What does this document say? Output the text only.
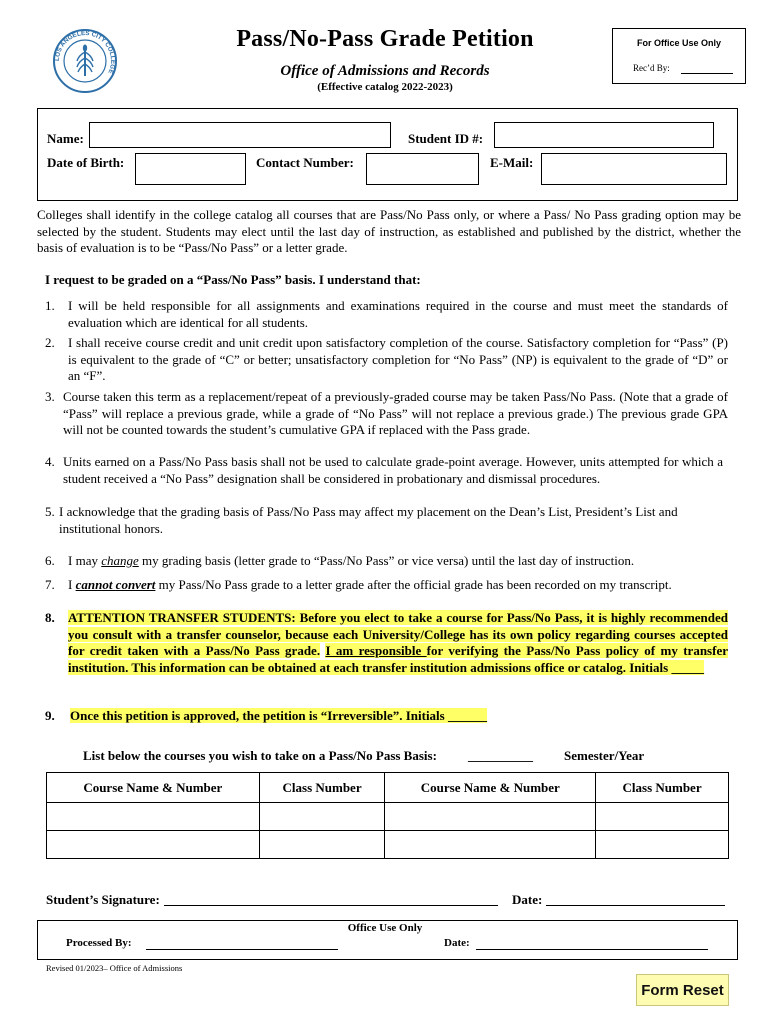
LOS ANGELES CITY COLLEGE
Pass/No-Pass Grade Petition
Office of Admissions and Records
(Effective catalog 2022-2023)
For Office Use Only
Rec’d By:
Name:	Student ID #:
Date of Birth:	Contact Number:	E-Mail:
Colleges shall identify in the college catalog all courses that are Pass/No Pass only, or where a Pass/ No Pass grading option may be selected by the student. Students may elect until the last day of instruction, as established and published by the district, whether the basis of evaluation is to be “Pass/No Pass” or a letter grade.
I request to be graded on a “Pass/No Pass” basis. I understand that:
1. I will be held responsible for all assignments and examinations required in the course and must meet the standards of evaluation which are identical for all students.
2. I shall receive course credit and unit credit upon satisfactory completion of the course. Satisfactory completion for “Pass” (P) is equivalent to the grade of “C” or better; unsatisfactory completion for “No Pass” (NP) is equivalent to the grade of “D” or an “F”.
3. Course taken this term as a replacement/repeat of a previously-graded course may be taken Pass/No Pass. (Note that a grade of “Pass” will replace a previous grade, while a grade of “No Pass” will not replace a previous grade.) The previous grade GPA will not be counted towards the student’s cumulative GPA if replaced with the Pass grade.
4. Units earned on a Pass/No Pass basis shall not be used to calculate grade-point average. However, units attempted for which a student received a “No Pass” designation shall be considered in probationary and dismissal procedures.
5. I acknowledge that the grading basis of Pass/No Pass may affect my placement on the Dean’s List, President’s List and institutional honors.
6. I may change my grading basis (letter grade to “Pass/No Pass” or vice versa) until the last day of instruction.
7. I cannot convert my Pass/No Pass grade to a letter grade after the official grade has been recorded on my transcript.
8. ATTENTION TRANSFER STUDENTS: Before you elect to take a course for Pass/No Pass, it is highly recommended you consult with a transfer counselor, because each University/College has its own policy regarding courses accepted for credit taken with a Pass/No Pass grade. I am responsible for verifying the Pass/No Pass policy of my transfer institution. This information can be obtained at each transfer institution admissions office or catalog. Initials _____
9. Once this petition is approved, the petition is “Irreversible”. Initials ______
List below the courses you wish to take on a Pass/No Pass Basis: __________ Semester/Year
Course Name & Number	Class Number	Course Name & Number	Class Number

Student’s Signature:	Date:
Office Use Only
Processed By:	Date:
Revised 01/2023– Office of Admissions
Form Reset
